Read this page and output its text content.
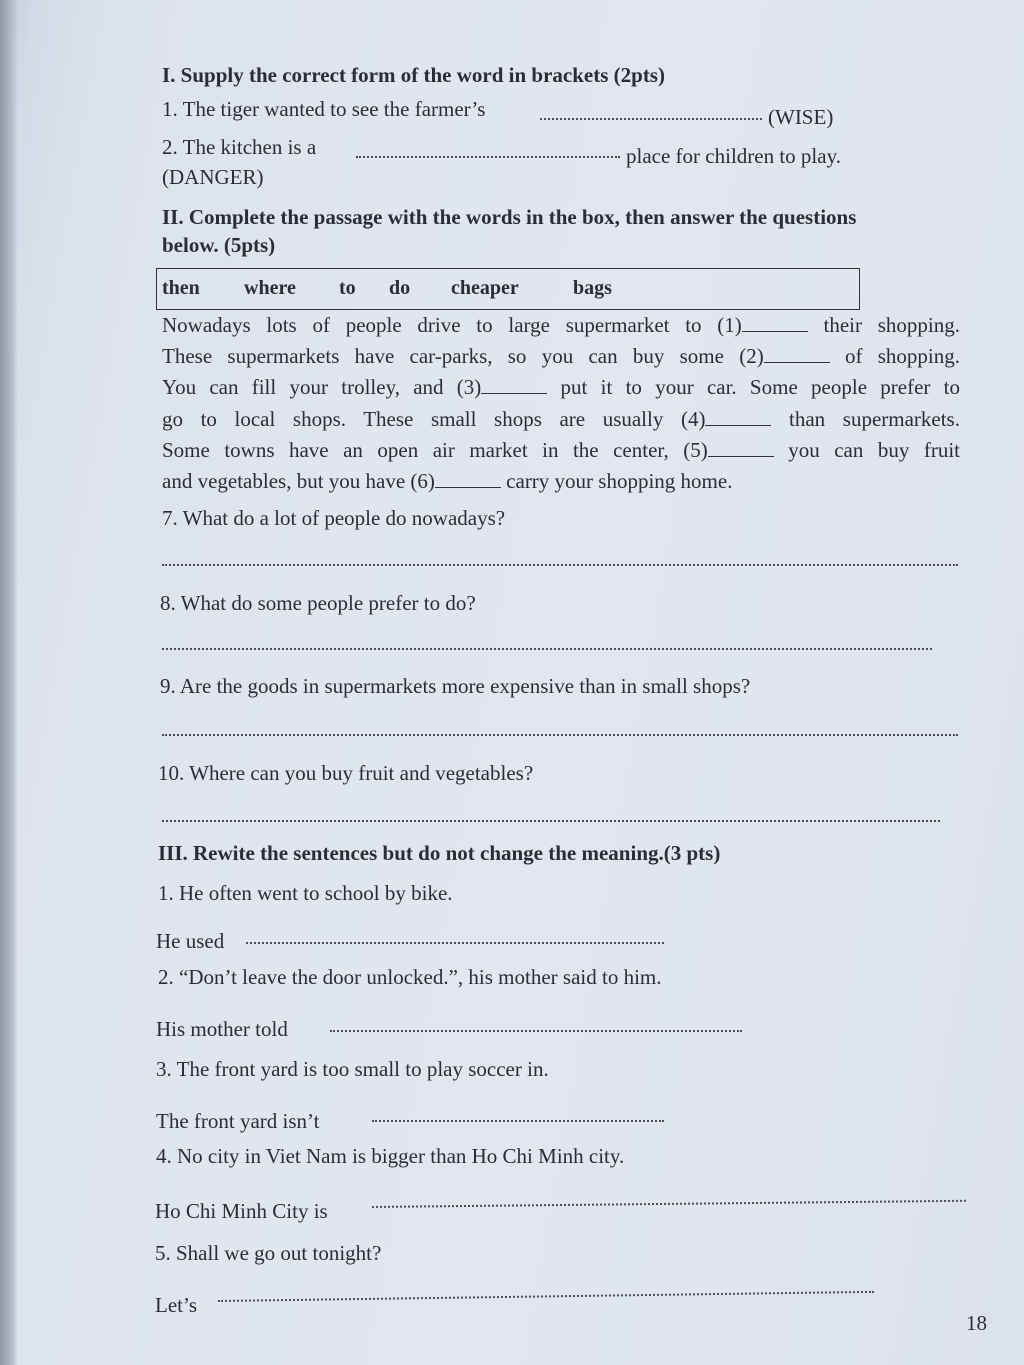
I. Supply the correct form of the word in brackets (2pts)
1. The tiger wanted to see the farmer’s	(WISE)
2. The kitchen is a	place for children to play.
(DANGER)
II. Complete the passage with the words in the box, then answer the questions
below. (5pts)
then where to do cheaper	bags
Nowadays lots of people drive to large supermarket to (1)	their shopping.
These supermarkets have car-parks, so you can buy some (2)	of shopping.
You can fill your trolley, and (3)	put it to your car. Some people prefer to
go to local shops. These small shops are usually (4)	than supermarkets.
Some towns have an open air market in the center, (5)	you can buy fruit
and vegetables, but you have (6)	carry your shopping home.
7. What do a lot of people do nowadays?
8. What do some people prefer to do?
9. Are the goods in supermarkets more expensive than in small shops?
10. Where can you buy fruit and vegetables?
III. Rewite the sentences but do not change the meaning.(3 pts)
1. He often went to school by bike.
He used
2. “Don’t leave the door unlocked.”, his mother said to him.
His mother told
3. The front yard is too small to play soccer in.
The front yard isn’t
4. No city in Viet Nam is bigger than Ho Chi Minh city.
Ho Chi Minh City is
5. Shall we go out tonight?
Let’s
18
